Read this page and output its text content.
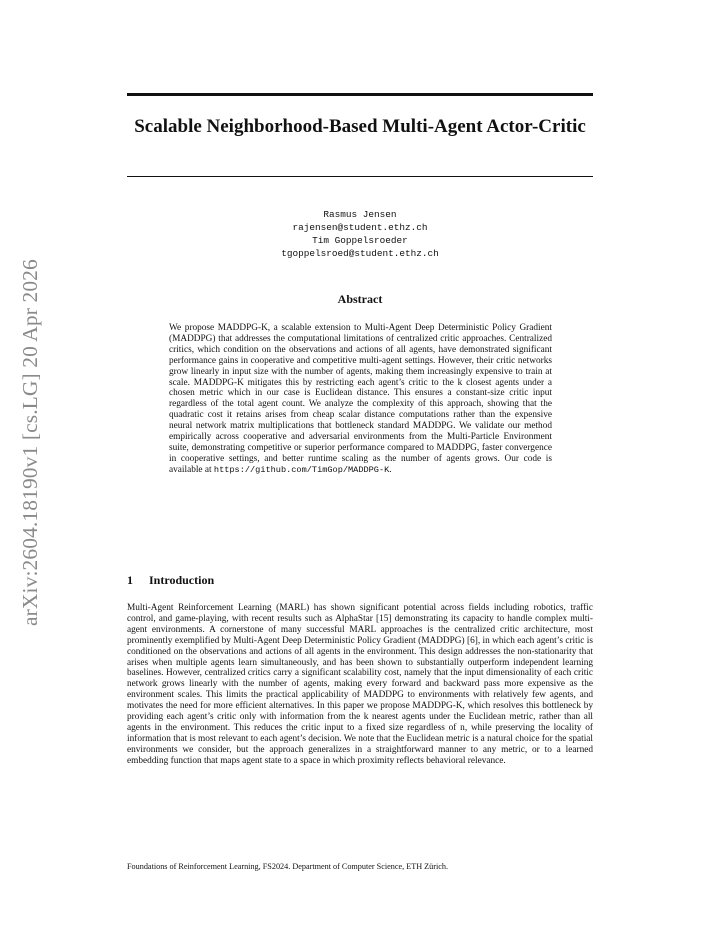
arXiv:2604.18190v1 [cs.LG] 20 Apr 2026
Scalable Neighborhood-Based Multi-Agent Actor-Critic
Rasmus Jensen
rajensen@student.ethz.ch
Tim Goppelsroeder
tgoppelsroed@student.ethz.ch
Abstract
We propose MADDPG-K, a scalable extension to Multi-Agent Deep Deterministic Policy Gradient (MADDPG) that addresses the computational limitations of centralized critic approaches. Centralized critics, which condition on the observations and actions of all agents, have demonstrated significant performance gains in cooperative and competitive multi-agent settings. However, their critic networks grow linearly in input size with the number of agents, making them increasingly expensive to train at scale. MADDPG-K mitigates this by restricting each agent’s critic to the k closest agents under a chosen metric which in our case is Euclidean distance. This ensures a constant-size critic input regardless of the total agent count. We analyze the complexity of this approach, showing that the quadratic cost it retains arises from cheap scalar distance computations rather than the expensive neural network matrix multiplications that bottleneck standard MADDPG. We validate our method empirically across cooperative and adversarial environments from the Multi-Particle Environment suite, demonstrating competitive or superior performance compared to MADDPG, faster convergence in cooperative settings, and better runtime scaling as the number of agents grows. Our code is available at https://github.com/TimGop/MADDPG-K.
1 Introduction
Multi-Agent Reinforcement Learning (MARL) has shown significant potential across fields including robotics, traffic control, and game-playing, with recent results such as AlphaStar [15] demonstrating its capacity to handle complex multi-agent environments. A cornerstone of many successful MARL approaches is the centralized critic architecture, most prominently exemplified by Multi-Agent Deep Deterministic Policy Gradient (MADDPG) [6], in which each agent’s critic is conditioned on the observations and actions of all agents in the environment. This design addresses the non-stationarity that arises when multiple agents learn simultaneously, and has been shown to substantially outperform independent learning baselines. However, centralized critics carry a significant scalability cost, namely that the input dimensionality of each critic network grows linearly with the number of agents, making every forward and backward pass more expensive as the environment scales. This limits the practical applicability of MADDPG to environments with relatively few agents, and motivates the need for more efficient alternatives. In this paper we propose MADDPG-K, which resolves this bottleneck by providing each agent’s critic only with information from the k nearest agents under the Euclidean metric, rather than all agents in the environment. This reduces the critic input to a fixed size regardless of n, while preserving the locality of information that is most relevant to each agent’s decision. We note that the Euclidean metric is a natural choice for the spatial environments we consider, but the approach generalizes in a straightforward manner to any metric, or to a learned embedding function that maps agent state to a space in which proximity reflects behavioral relevance.
Foundations of Reinforcement Learning, FS2024. Department of Computer Science, ETH Zürich.
